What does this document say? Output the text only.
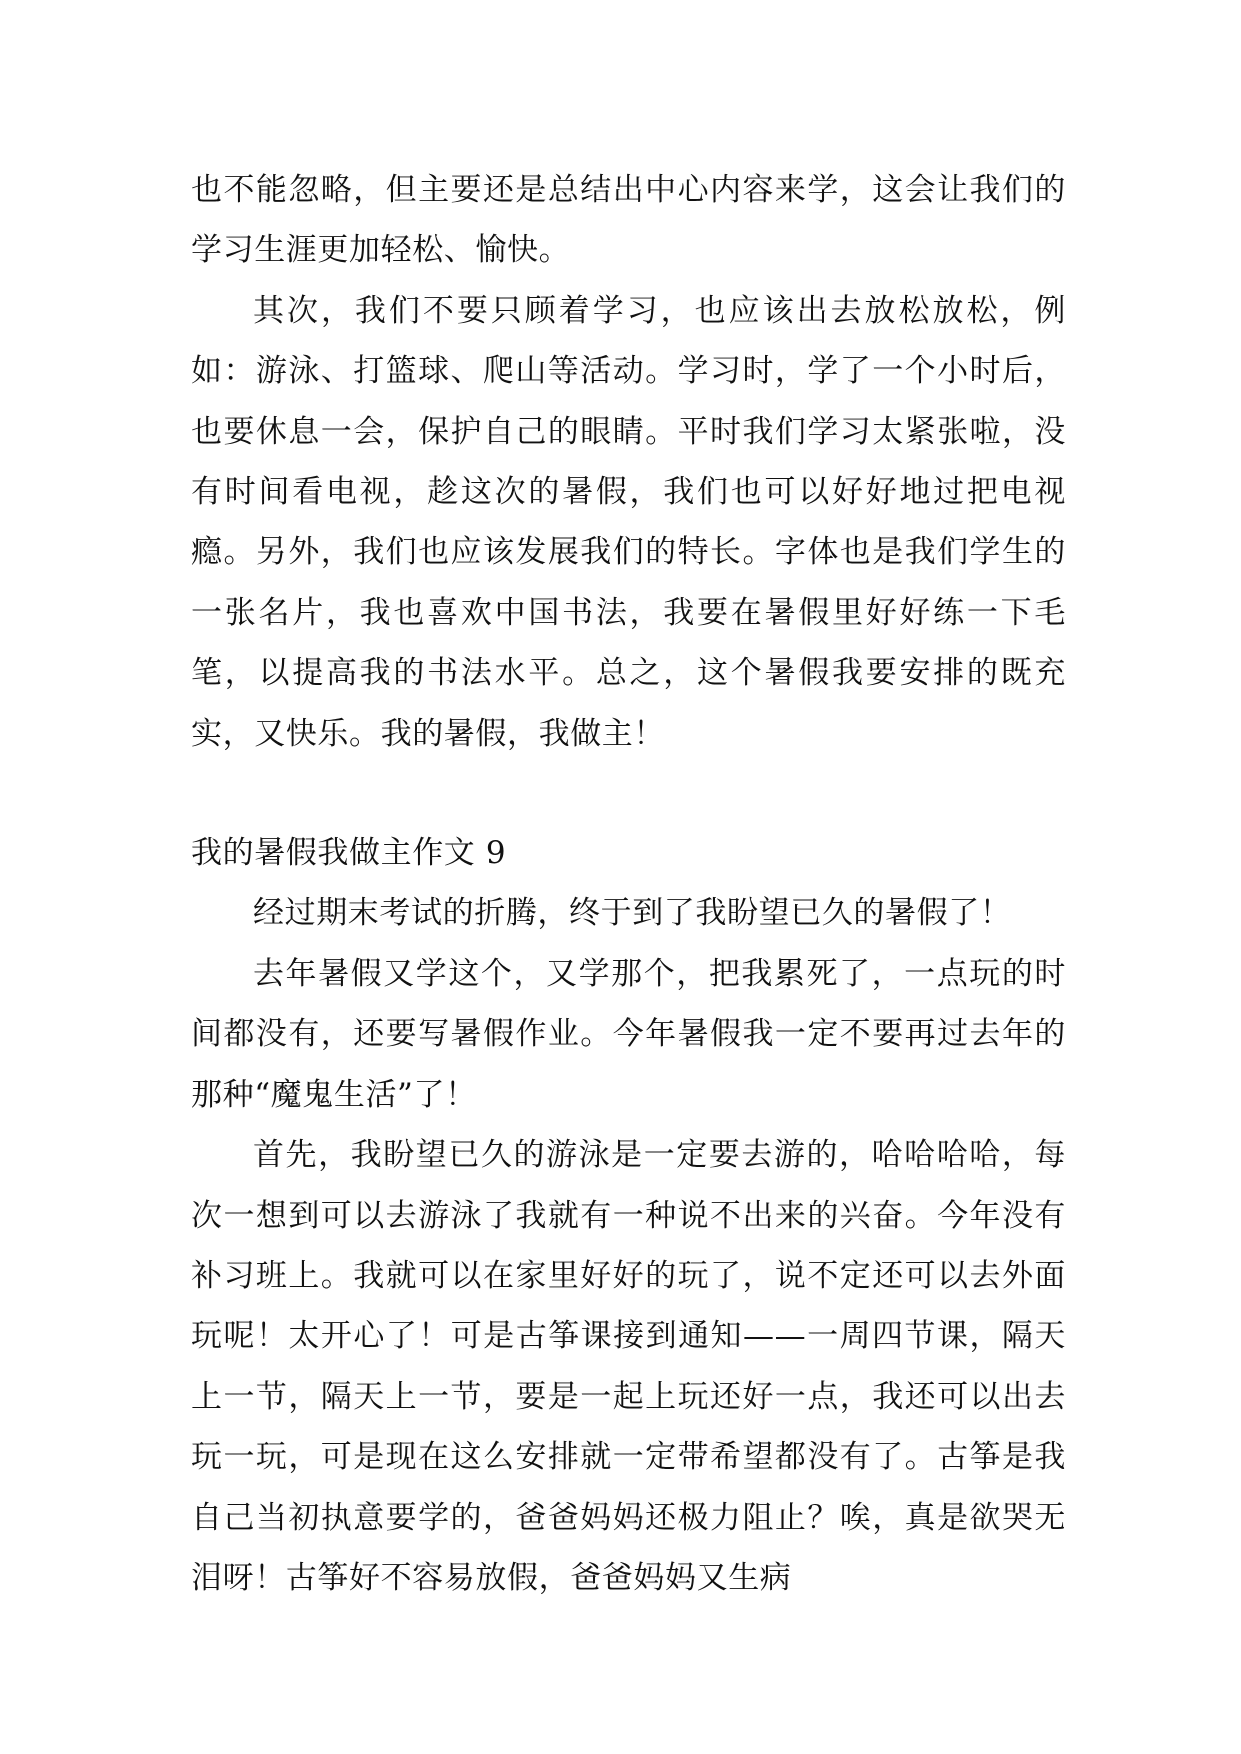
也不能忽略，但主要还是总结出中心内容来学，这会让我们的学习生涯更加轻松、愉快。

其次，我们不要只顾着学习，也应该出去放松放松，例如：游泳、打篮球、爬山等活动。学习时，学了一个小时后，也要休息一会，保护自己的眼睛。平时我们学习太紧张啦，没有时间看电视，趁这次的暑假，我们也可以好好地过把电视瘾。另外，我们也应该发展我们的特长。字体也是我们学生的一张名片，我也喜欢中国书法，我要在暑假里好好练一下毛笔，以提高我的书法水平。总之，这个暑假我要安排的既充实，又快乐。我的暑假，我做主！

我的暑假我做主作文 9

经过期末考试的折腾，终于到了我盼望已久的暑假了！

去年暑假又学这个，又学那个，把我累死了，一点玩的时间都没有，还要写暑假作业。今年暑假我一定不要再过去年的那种“魔鬼生活”了！

首先，我盼望已久的游泳是一定要去游的，哈哈哈哈，每次一想到可以去游泳了我就有一种说不出来的兴奋。今年没有补习班上。我就可以在家里好好的玩了，说不定还可以去外面玩呢！太开心了！可是古筝课接到通知——一周四节课，隔天上一节，隔天上一节，要是一起上玩还好一点，我还可以出去玩一玩，可是现在这么安排就一定带希望都没有了。古筝是我自己当初执意要学的，爸爸妈妈还极力阻止？唉，真是欲哭无泪呀！古筝好不容易放假，爸爸妈妈又生病
